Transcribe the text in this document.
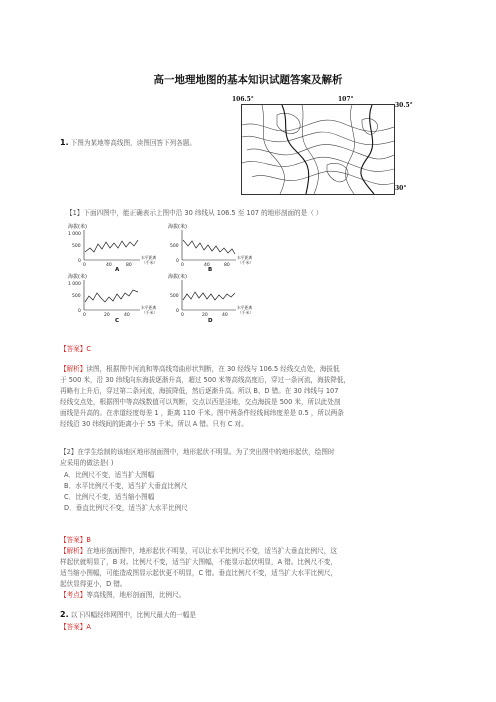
高一地理地图的基本知识试题答案及解析
1. 下图为某地等高线图，读图回答下列各题。
106.5°	107°
30.5°
30°
【1】下面四图中，能正确表示上图中沿 30 纬线从 106.5 至 107 的地形剖面的是（ ）
海拔(米)
1 000
500
0
0	40	80
水平距离
（千米）
A
海拔(米)
500
0
0	40	80
水平距离
（千米）
B
海拔(米)
1 000
500
0
0	20	40
水平距离
（千米）
C
海拔(米)
500
0
0	20	40
水平距离
（千米）
D
【答案】C
【解析】读图，根据图中河流和等高线弯曲形状判断，在 30 经线与 106.5 经线交点处，海拔低
于 500 米，沿 30 纬线向东海拔逐渐升高，超过 500 米等高线高度后，穿过一条河流，海拔降低，
再略有上升后，穿过第二条河流，海拔降低，然后逐渐升高。所以 B、D 错。在 30 纬线与 107
经线交点处，根据图中等高线数值可以判断，交点以西是洼地，交点海拔是 500 米，所以此处剖
面线是升高的。在赤道经度每差 1 ，距离 110 千米。图中两条件经线间纬度差是 0.5 ，所以两条
经线沿 30 纬线间的距离小于 55 千米。所以 A 错。只有 C 对。
【2】在学生绘制的该地区地形剖面图中，地形起伏不明显。为了突出图中的地形起伏，绘图时
应采用的做法是( )
A．比例尺不变，适当扩大图幅
B．水平比例尺不变，适当扩大垂直比例尺
C．比例尺不变，适当缩小图幅
D．垂直比例尺不变，适当扩大水平比例尺
【答案】B
【解析】在地形剖面图中，地形起伏不明显，可以让水平比例尺不变，适当扩大垂直比例尺，这
样起伏就明显了，B 对。比例尺不变，适当扩大图幅，不能显示起伏明显，A 错。比例尺不变，
适当缩小图幅，可能造成图显示起伏更不明显，C 错。垂直比例尺不变，适当扩大水平比例尺，
起伏显得更小，D 错。
【考点】等高线图，地形剖面图，比例尺。
2. 以下四幅经纬网图中，比例尺最大的一幅是
【答案】A
